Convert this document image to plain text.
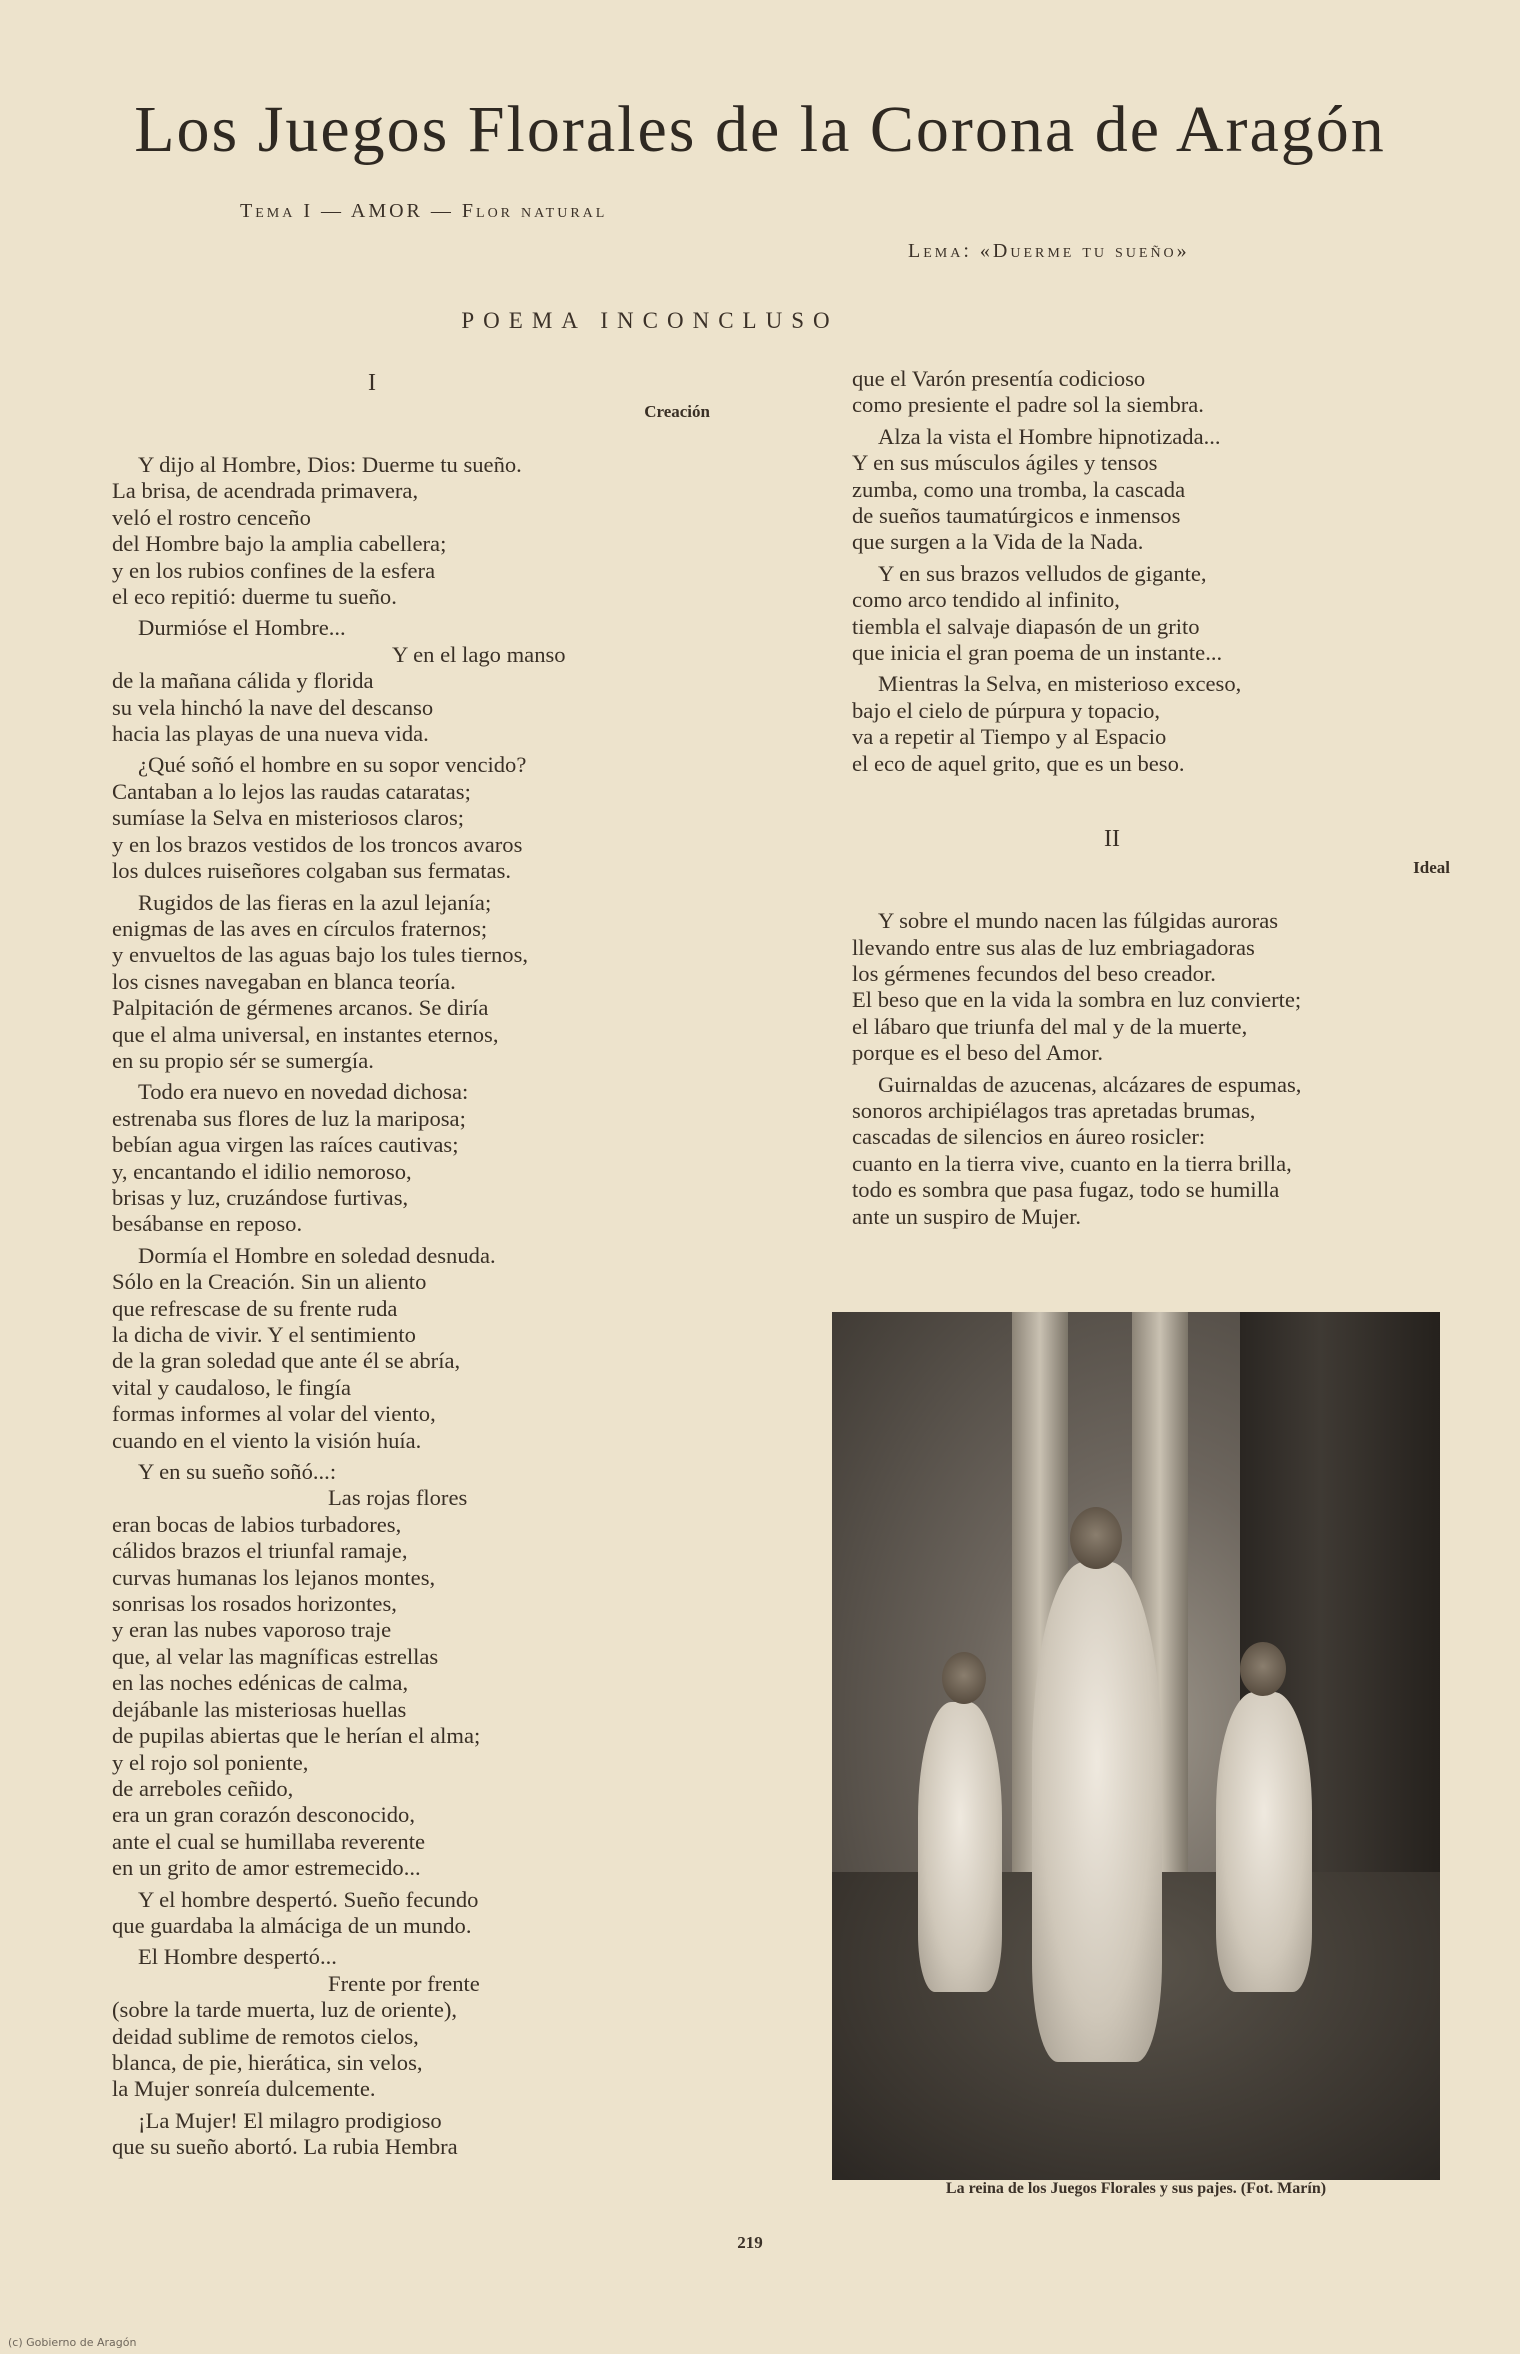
Los Juegos Florales de la Corona de Aragón

Tema I — AMOR — Flor natural

Lema: «Duerme tu sueño»

POEMA INCONCLUSO
I
Creación
Y dijo al Hombre, Dios: Duerme tu sueño.
La brisa, de acendrada primavera,
veló el rostro cenceño
del Hombre bajo la amplia cabellera;
y en los rubios confines de la esfera
el eco repitió: duerme tu sueño.
Durmióse el Hombre...
Y en el lago manso
de la mañana cálida y florida
su vela hinchó la nave del descanso
hacia las playas de una nueva vida.
¿Qué soñó el hombre en su sopor vencido?
Cantaban a lo lejos las raudas cataratas;
sumíase la Selva en misteriosos claros;
y en los brazos vestidos de los troncos avaros
los dulces ruiseñores colgaban sus fermatas.
Rugidos de las fieras en la azul lejanía;
enigmas de las aves en círculos fraternos;
y envueltos de las aguas bajo los tules tiernos,
los cisnes navegaban en blanca teoría.
Palpitación de gérmenes arcanos. Se diría
que el alma universal, en instantes eternos,
en su propio sér se sumergía.
Todo era nuevo en novedad dichosa:
estrenaba sus flores de luz la mariposa;
bebían agua virgen las raíces cautivas;
y, encantando el idilio nemoroso,
brisas y luz, cruzándose furtivas,
besábanse en reposo.
Dormía el Hombre en soledad desnuda.
Sólo en la Creación. Sin un aliento
que refrescase de su frente ruda
la dicha de vivir. Y el sentimiento
de la gran soledad que ante él se abría,
vital y caudaloso, le fingía
formas informes al volar del viento,
cuando en el viento la visión huía.
Y en su sueño soñó...:
Las rojas flores
eran bocas de labios turbadores,
cálidos brazos el triunfal ramaje,
curvas humanas los lejanos montes,
sonrisas los rosados horizontes,
y eran las nubes vaporoso traje
que, al velar las magníficas estrellas
en las noches edénicas de calma,
dejábanle las misteriosas huellas
de pupilas abiertas que le herían el alma;
y el rojo sol poniente,
de arreboles ceñido,
era un gran corazón desconocido,
ante el cual se humillaba reverente
en un grito de amor estremecido...
Y el hombre despertó. Sueño fecundo
que guardaba la almáciga de un mundo.
El Hombre despertó...
Frente por frente
(sobre la tarde muerta, luz de oriente),
deidad sublime de remotos cielos,
blanca, de pie, hierática, sin velos,
la Mujer sonreía dulcemente.
¡La Mujer! El milagro prodigioso
que su sueño abortó. La rubia Hembra
que el Varón presentía codicioso
como presiente el padre sol la siembra.
Alza la vista el Hombre hipnotizada...
Y en sus músculos ágiles y tensos
zumba, como una tromba, la cascada
de sueños taumatúrgicos e inmensos
que surgen a la Vida de la Nada.
Y en sus brazos velludos de gigante,
como arco tendido al infinito,
tiembla el salvaje diapasón de un grito
que inicia el gran poema de un instante...
Mientras la Selva, en misterioso exceso,
bajo el cielo de púrpura y topacio,
va a repetir al Tiempo y al Espacio
el eco de aquel grito, que es un beso.
II
Ideal
Y sobre el mundo nacen las fúlgidas auroras
llevando entre sus alas de luz embriagadoras
los gérmenes fecundos del beso creador.
El beso que en la vida la sombra en luz convierte;
el lábaro que triunfa del mal y de la muerte,
porque es el beso del Amor.
Guirnaldas de azucenas, alcázares de espumas,
sonoros archipiélagos tras apretadas brumas,
cascadas de silencios en áureo rosicler:
cuanto en la tierra vive, cuanto en la tierra brilla,
todo es sombra que pasa fugaz, todo se humilla
ante un suspiro de Mujer.

La reina de los Juegos Florales y sus pajes. (Fot. Marín)

219

(c) Gobierno de Aragón
